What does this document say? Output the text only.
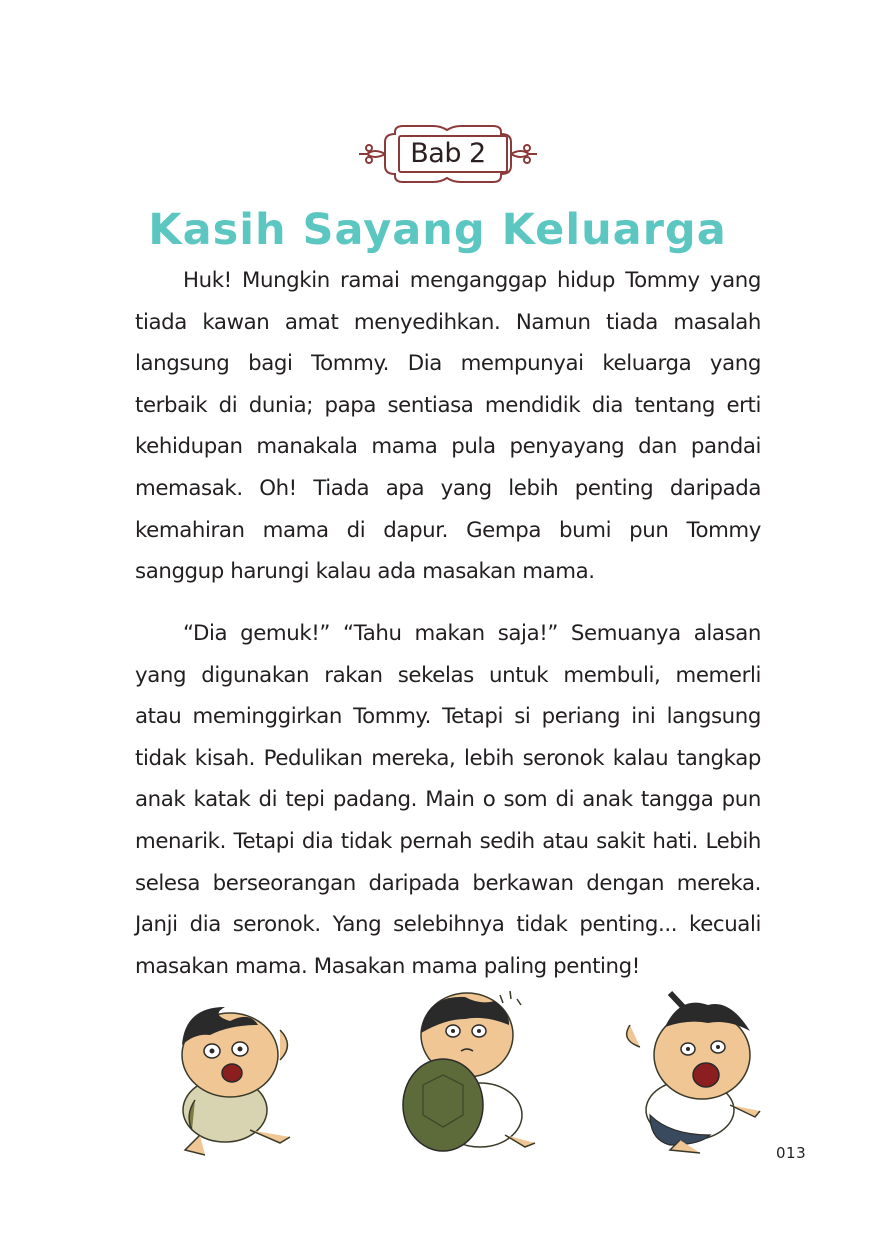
Bab 2
Kasih Sayang Keluarga

Huk! Mungkin ramai menganggap hidup Tommy yang tiada kawan amat menyedihkan. Namun tiada masalah langsung bagi Tommy. Dia mempunyai keluarga yang terbaik di dunia; papa sentiasa mendidik dia tentang erti kehidupan manakala mama pula penyayang dan pandai memasak. Oh! Tiada apa yang lebih penting daripada kemahiran mama di dapur. Gempa bumi pun Tommy sanggup harungi kalau ada masakan mama.

“Dia gemuk!” “Tahu makan saja!” Semuanya alasan yang digunakan rakan sekelas untuk membuli, memerli atau meminggirkan Tommy. Tetapi si periang ini langsung tidak kisah. Pedulikan mereka, lebih seronok kalau tangkap anak katak di tepi padang. Main o som di anak tangga pun menarik. Tetapi dia tidak pernah sedih atau sakit hati. Lebih selesa berseorangan daripada berkawan dengan mereka. Janji dia seronok. Yang selebihnya tidak penting... kecuali masakan mama. Masakan mama paling penting!

013
